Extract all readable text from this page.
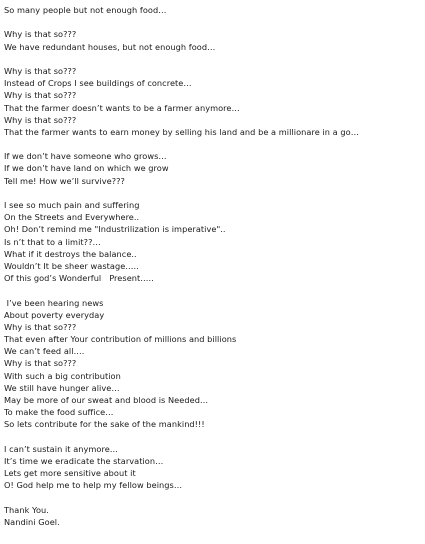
So many people but not enough food…
Why is that so???
We have redundant houses, but not enough food…
Why is that so???
Instead of Crops I see buildings of concrete…
Why is that so???
That the farmer doesn’t wants to be a farmer anymore…
Why is that so???
That the farmer wants to earn money by selling his land and be a millionare in a go…
If we don’t have someone who grows…
If we don’t have land on which we grow
Tell me! How we’ll survive???
I see so much pain and suffering
On the Streets and Everywhere..
Oh! Don’t remind me "Industrilization is imperative"..
Is n’t that to a limit??…
What if it destroys the balance..
Wouldn’t It be sheer wastage…..
Of this god’s Wonderful   Present…..
I’ve been hearing news
About poverty everyday
Why is that so???
That even after Your contribution of millions and billions
We can’t feed all….
Why is that so???
With such a big contribution
We still have hunger alive…
May be more of our sweat and blood is Needed…
To make the food suffice…
So lets contribute for the sake of the mankind!!!
I can’t sustain it anymore…
It’s time we eradicate the starvation…
Lets get more sensitive about it
O! God help me to help my fellow beings…
Thank You.
Nandini Goel.
